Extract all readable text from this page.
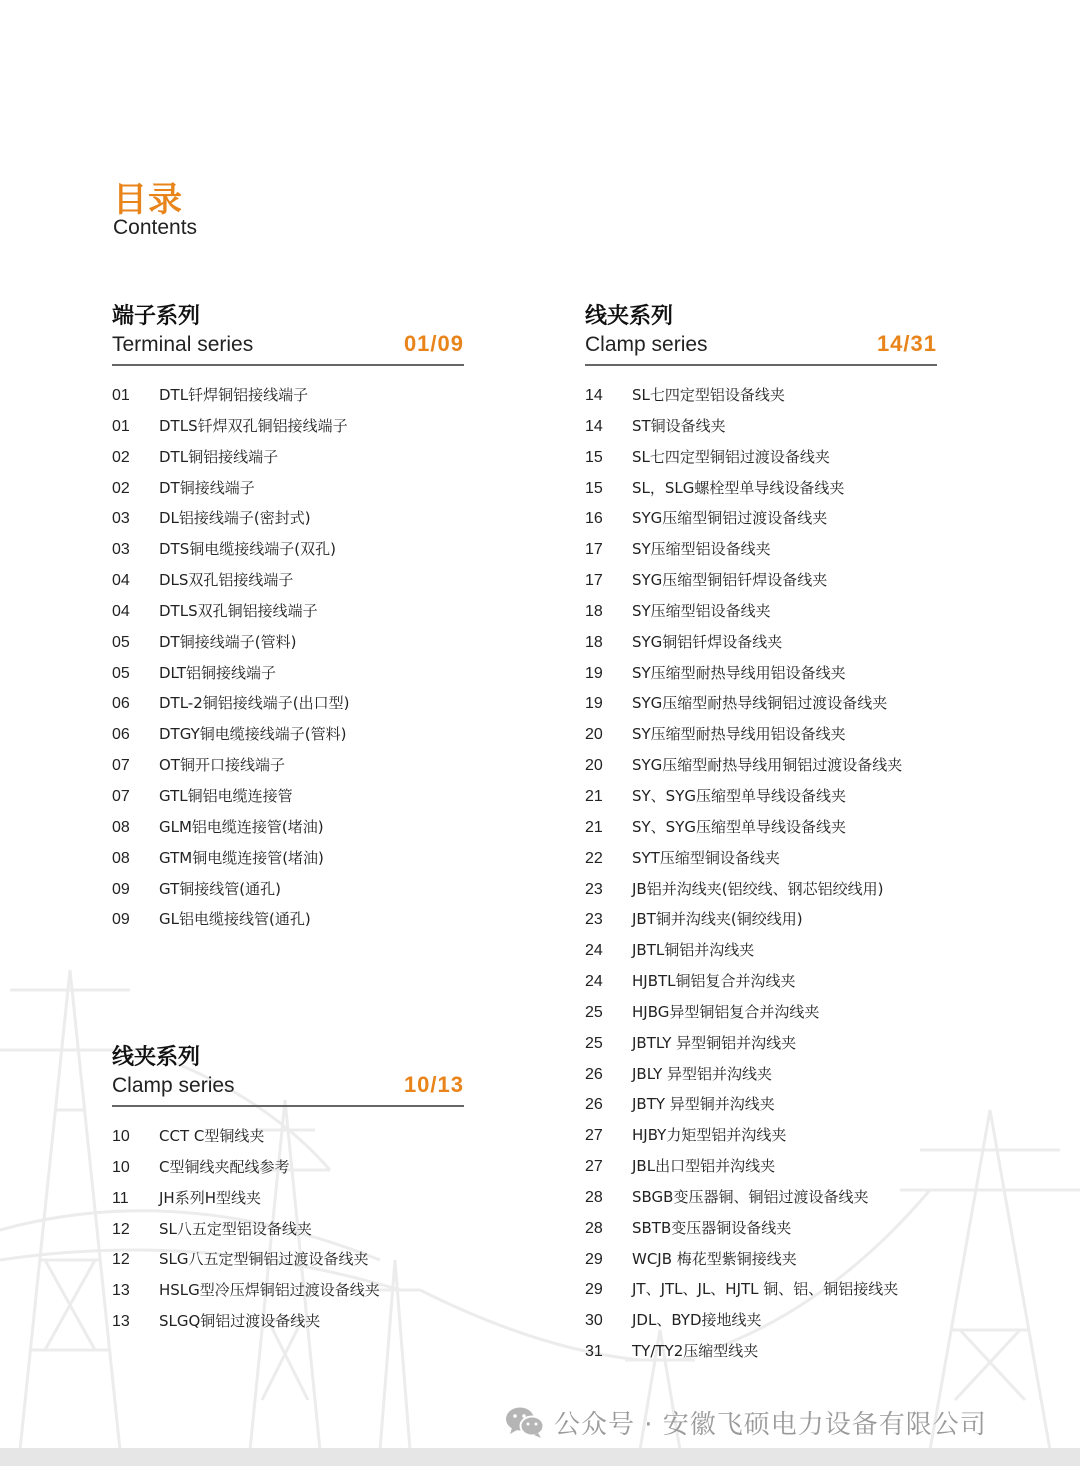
目录
Contents
端子系列
Terminal series	01/09
01 DTL钎焊铜铝接线端子
01 DTLS钎焊双孔铜铝接线端子
02 DTL铜铝接线端子
02 DT铜接线端子
03 DL铝接线端子(密封式)
03 DTS铜电缆接线端子(双孔)
04 DLS双孔铝接线端子
04 DTLS双孔铜铝接线端子
05 DT铜接线端子(管料)
05 DLT铝铜接线端子
06 DTL-2铜铝接线端子(出口型)
06 DTGY铜电缆接线端子(管料)
07 OT铜开口接线端子
07 GTL铜铝电缆连接管
08 GLM铝电缆连接管(堵油)
08 GTM铜电缆连接管(堵油)
09 GT铜接线管(通孔)
09 GL铝电缆接线管(通孔)
线夹系列
Clamp series	10/13
10 CCT C型铜线夹
10 C型铜线夹配线参考
11 JH系列H型线夹
12 SL八五定型铝设备线夹
12 SLG八五定型铜铝过渡设备线夹
13 HSLG型冷压焊铜铝过渡设备线夹
13 SLGQ铜铝过渡设备线夹
线夹系列
Clamp series	14/31
14 SL七四定型铝设备线夹
14 ST铜设备线夹
15 SL七四定型铜铝过渡设备线夹
15 SL，SLG螺栓型单导线设备线夹
16 SYG压缩型铜铝过渡设备线夹
17 SY压缩型铝设备线夹
17 SYG压缩型铜铝钎焊设备线夹
18 SY压缩型铝设备线夹
18 SYG铜铝钎焊设备线夹
19 SY压缩型耐热导线用铝设备线夹
19 SYG压缩型耐热导线铜铝过渡设备线夹
20 SY压缩型耐热导线用铝设备线夹
20 SYG压缩型耐热导线用铜铝过渡设备线夹
21 SY、SYG压缩型单导线设备线夹
21 SY、SYG压缩型单导线设备线夹
22 SYT压缩型铜设备线夹
23 JB铝并沟线夹(铝绞线、钢芯铝绞线用)
23 JBT铜并沟线夹(铜绞线用)
24 JBTL铜铝并沟线夹
24 HJBTL铜铝复合并沟线夹
25 HJBG异型铜铝复合并沟线夹
25 JBTLY 异型铜铝并沟线夹
26 JBLY 异型铝并沟线夹
26 JBTY 异型铜并沟线夹
27 HJBY力矩型铝并沟线夹
27 JBL出口型铝并沟线夹
28 SBGB变压器铜、铜铝过渡设备线夹
28 SBTB变压器铜设备线夹
29 WCJB 梅花型紫铜接线夹
29 JT、JTL、JL、HJTL 铜、铝、铜铝接线夹
30 JDL、BYD接地线夹
31 TY/TY2压缩型线夹
公众号 · 安徽飞硕电力设备有限公司
